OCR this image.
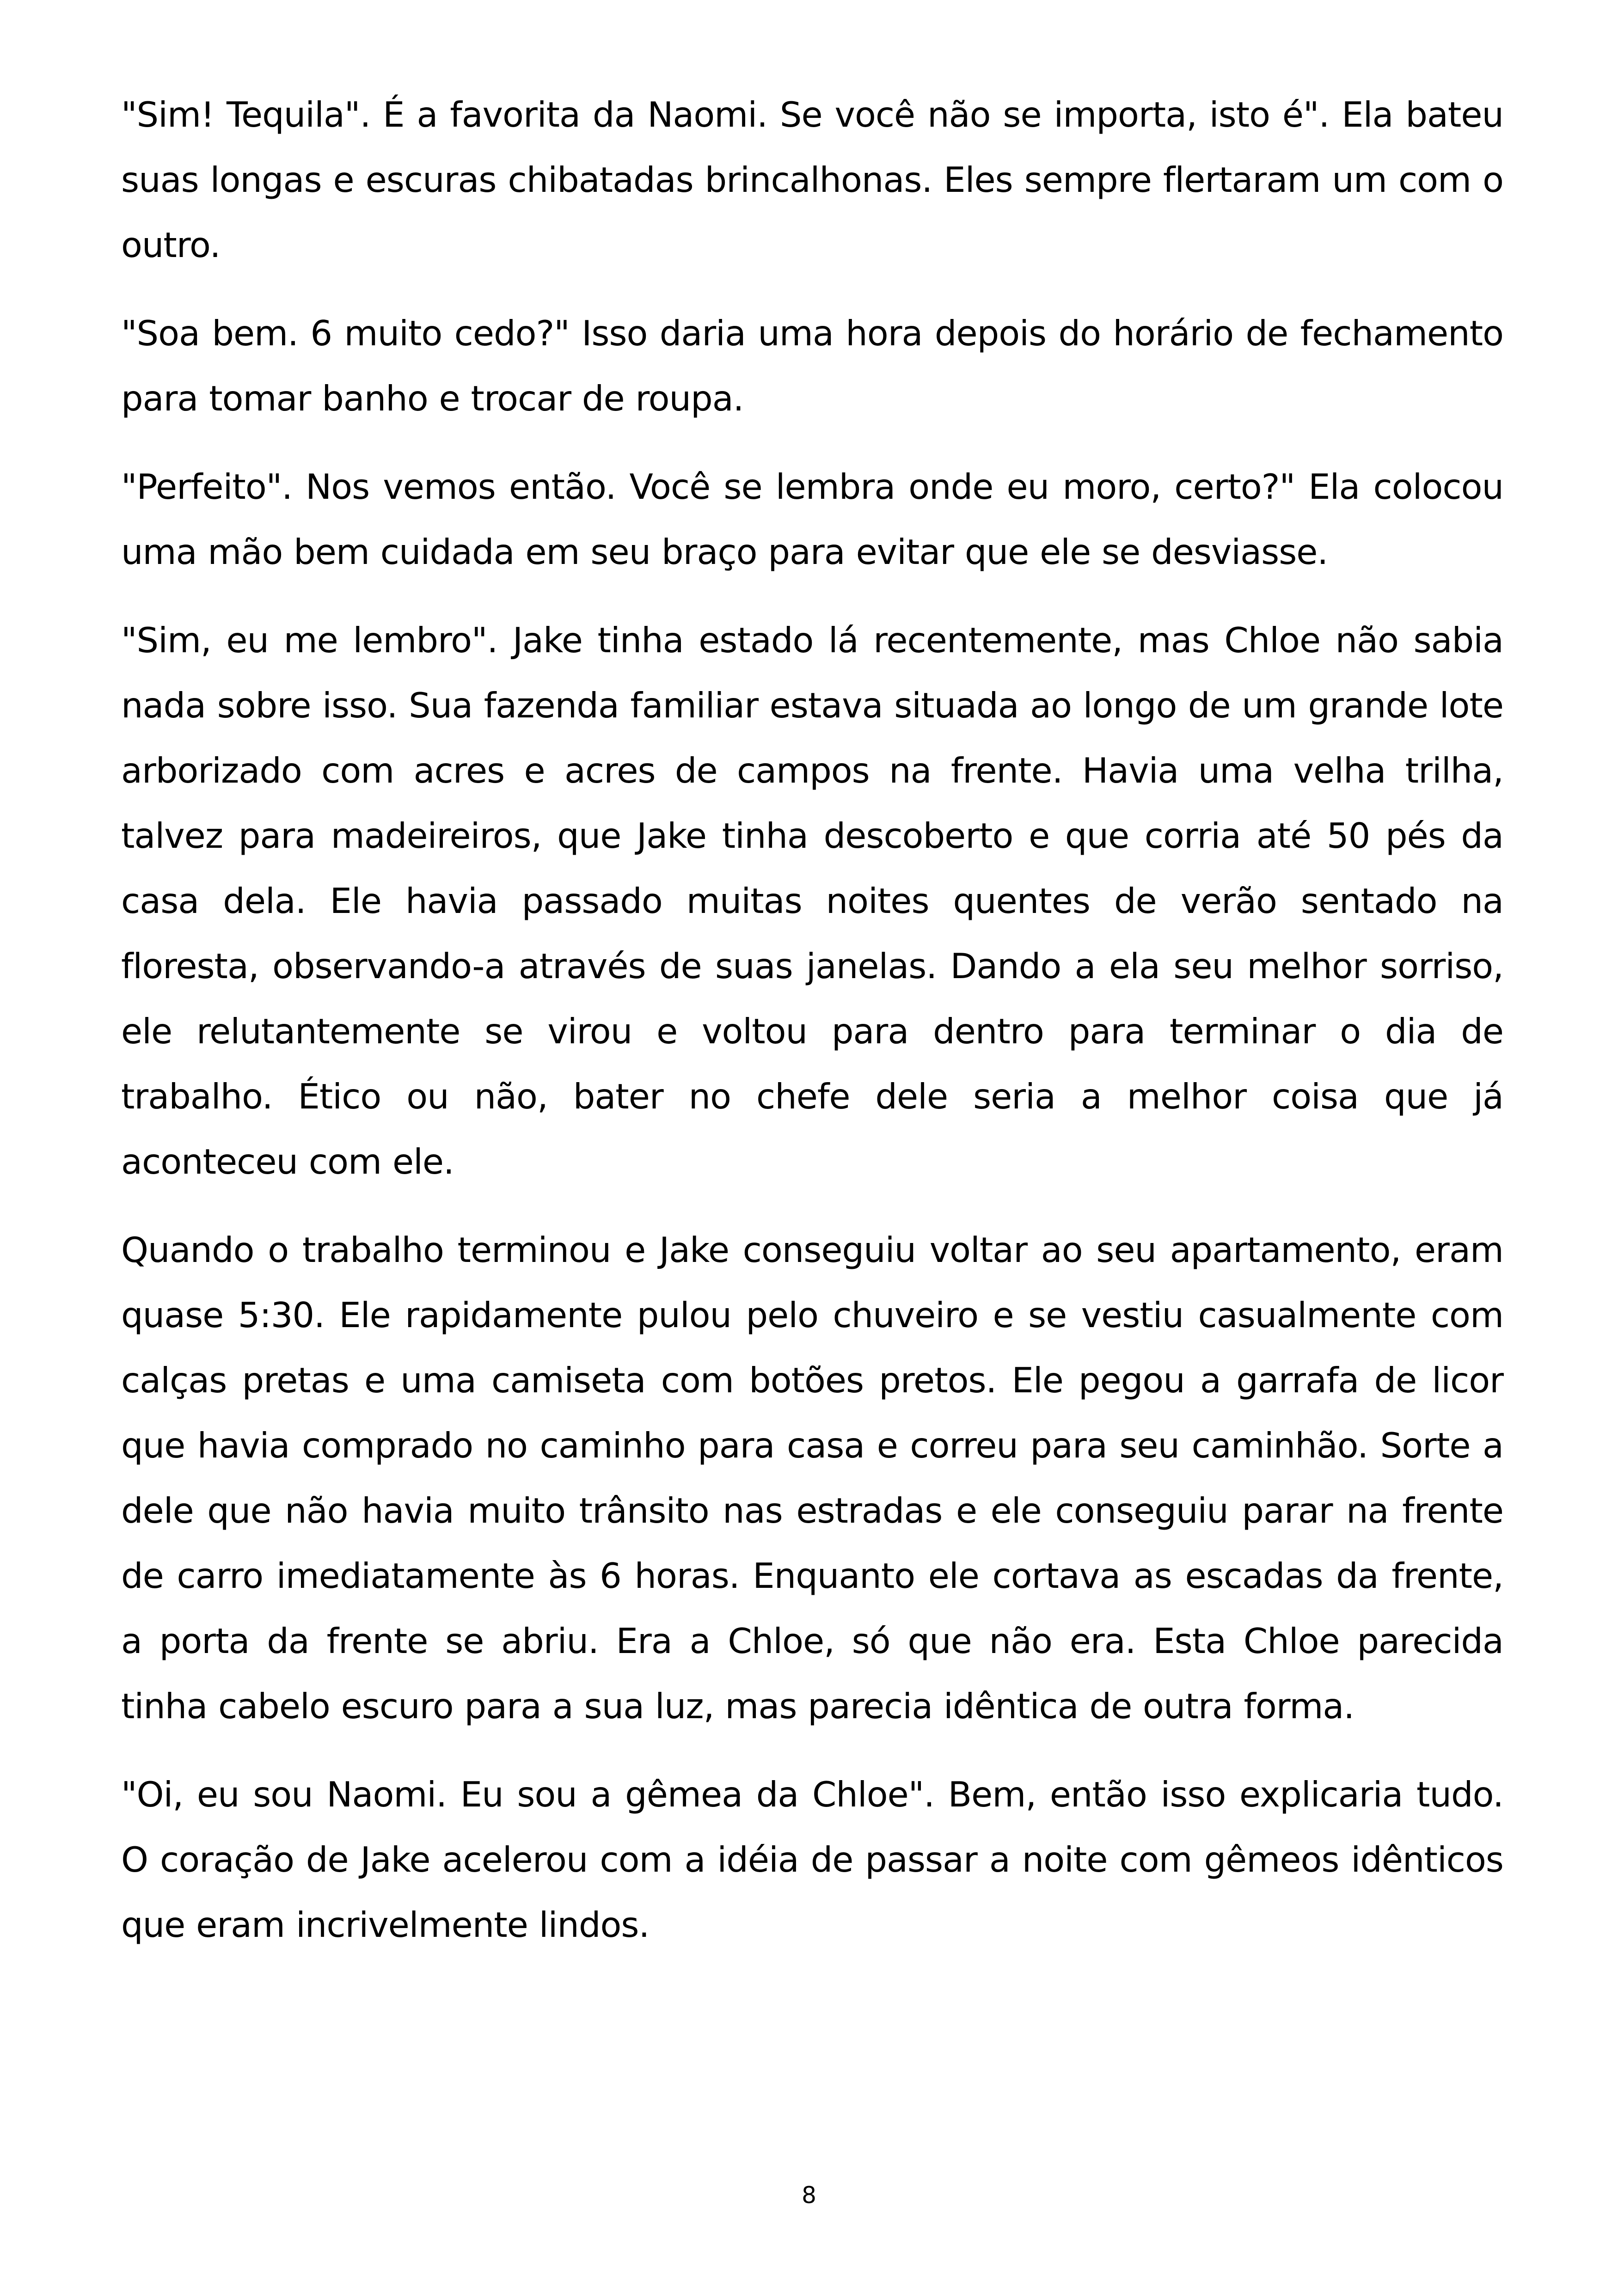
"Sim! Tequila". É a favorita da Naomi. Se você não se importa, isto é". Ela bateu suas longas e escuras chibatadas brincalhonas. Eles sempre flertaram um com o outro.

"Soa bem. 6 muito cedo?" Isso daria uma hora depois do horário de fechamento para tomar banho e trocar de roupa.

"Perfeito". Nos vemos então. Você se lembra onde eu moro, certo?" Ela colocou uma mão bem cuidada em seu braço para evitar que ele se desviasse.

"Sim, eu me lembro". Jake tinha estado lá recentemente, mas Chloe não sabia nada sobre isso. Sua fazenda familiar estava situada ao longo de um grande lote arborizado com acres e acres de campos na frente. Havia uma velha trilha, talvez para madeireiros, que Jake tinha descoberto e que corria até 50 pés da casa dela. Ele havia passado muitas noites quentes de verão sentado na floresta, observando-a através de suas janelas. Dando a ela seu melhor sorriso, ele relutantemente se virou e voltou para dentro para terminar o dia de trabalho. Ético ou não, bater no chefe dele seria a melhor coisa que já aconteceu com ele.

Quando o trabalho terminou e Jake conseguiu voltar ao seu apartamento, eram quase 5:30. Ele rapidamente pulou pelo chuveiro e se vestiu casualmente com calças pretas e uma camiseta com botões pretos. Ele pegou a garrafa de licor que havia comprado no caminho para casa e correu para seu caminhão. Sorte a dele que não havia muito trânsito nas estradas e ele conseguiu parar na frente de carro imediatamente às 6 horas. Enquanto ele cortava as escadas da frente, a porta da frente se abriu. Era a Chloe, só que não era. Esta Chloe parecida tinha cabelo escuro para a sua luz, mas parecia idêntica de outra forma.

"Oi, eu sou Naomi. Eu sou a gêmea da Chloe". Bem, então isso explicaria tudo. O coração de Jake acelerou com a idéia de passar a noite com gêmeos idênticos que eram incrivelmente lindos.

8
